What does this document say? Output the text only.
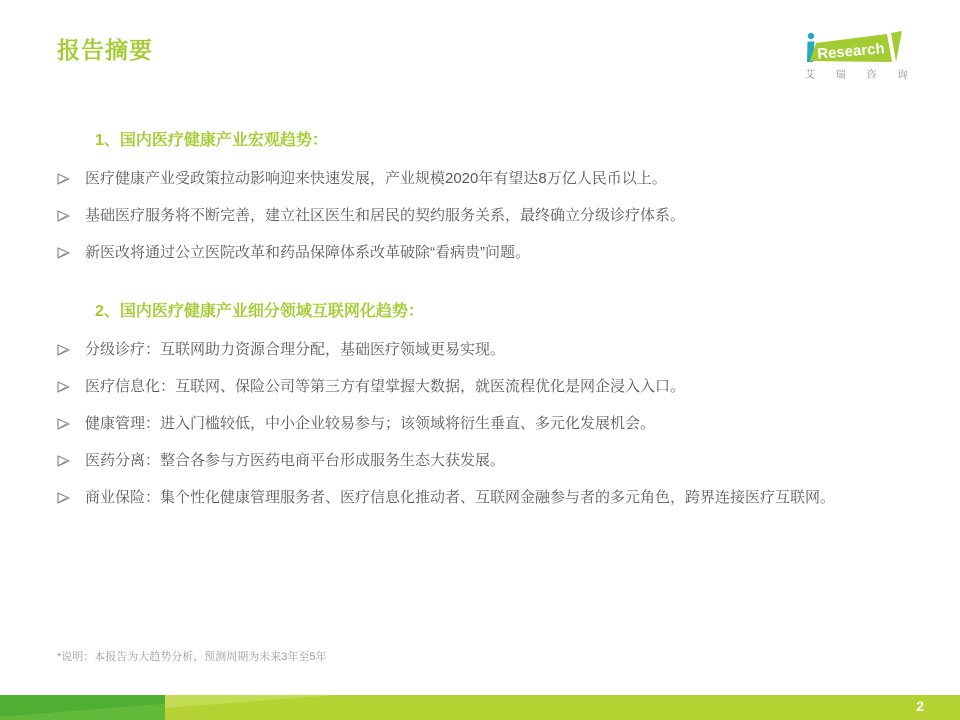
报告摘要	Research
艾 瑞 咨 询
1、国内医疗健康产业宏观趋势：
医疗健康产业受政策拉动影响迎来快速发展，产业规模2020年有望达8万亿人民币以上。
基础医疗服务将不断完善，建立社区医生和居民的契约服务关系，最终确立分级诊疗体系。
新医改将通过公立医院改革和药品保障体系改革破除“看病贵”问题。
2、国内医疗健康产业细分领域互联网化趋势：
分级诊疗：互联网助力资源合理分配，基础医疗领域更易实现。
医疗信息化：互联网、保险公司等第三方有望掌握大数据，就医流程优化是网企浸入入口。
健康管理：进入门槛较低，中小企业较易参与；该领域将衍生垂直、多元化发展机会。
医药分离：整合各参与方医药电商平台形成服务生态大获发展。
商业保险：集个性化健康管理服务者、医疗信息化推动者、互联网金融参与者的多元角色，跨界连接医疗互联网。
*说明：本报告为大趋势分析，预测周期为未来3年至5年
2
